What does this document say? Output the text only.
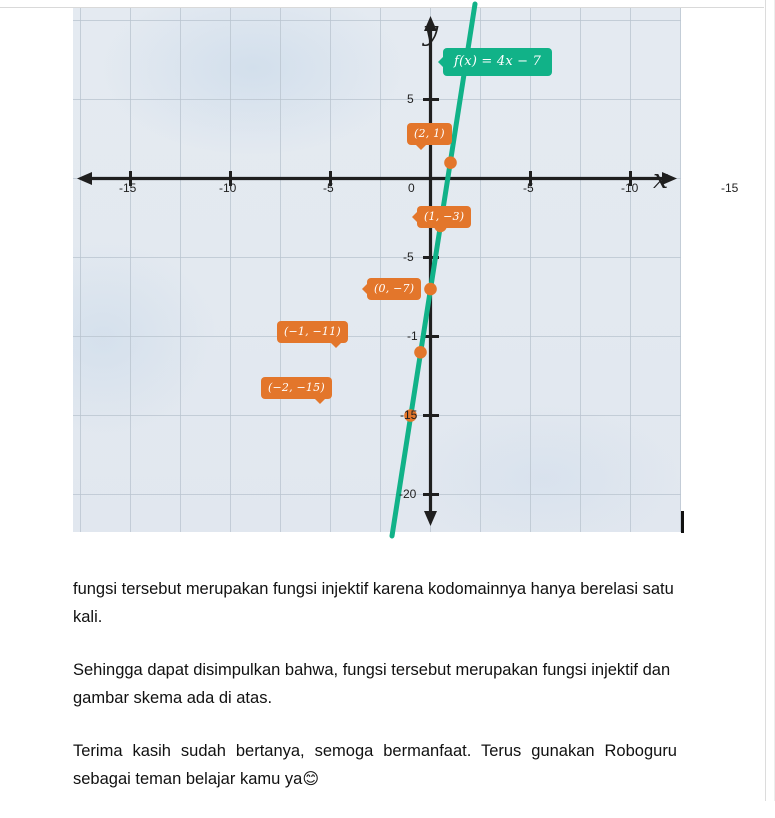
x
y
-15	-10	-5	0	-5	-10	-15
5
-5
-1
-15
-20
f(x) = 4x − 7
(2, 1)
(1, −3)
(0, −7)
(−1, −11)
(−2, −15)

fungsi tersebut merupakan fungsi injektif karena kodomainnya hanya berelasi satu kali.

Sehingga dapat disimpulkan bahwa, fungsi tersebut merupakan fungsi injektif dan gambar skema ada di atas.

Terima kasih sudah bertanya, semoga bermanfaat. Terus gunakan Roboguru sebagai teman belajar kamu ya😊
